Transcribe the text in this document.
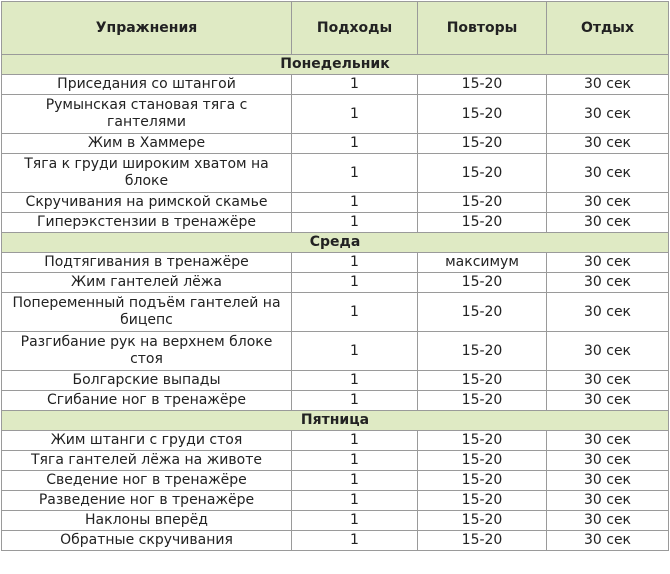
Упражнения	Подходы	Повторы	Отдых
Понедельник			
Приседания со штангой	1	15-20	30 сек
Румынская становая тяга с гантелями	1	15-20	30 сек
Жим в Хаммере	1	15-20	30 сек
Тяга к груди широким хватом на блоке	1	15-20	30 сек
Скручивания на римской скамье	1	15-20	30 сек
Гиперэкстензии в тренажёре	1	15-20	30 сек
Среда			
Подтягивания в тренажёре	1	максимум	30 сек
Жим гантелей лёжа	1	15-20	30 сек
Попеременный подъём гантелей на бицепс	1	15-20	30 сек
Разгибание рук на верхнем блоке стоя	1	15-20	30 сек
Болгарские выпады	1	15-20	30 сек
Сгибание ног в тренажёре	1	15-20	30 сек
Пятница			
Жим штанги с груди стоя	1	15-20	30 сек
Тяга гантелей лёжа на животе	1	15-20	30 сек
Сведение ног в тренажёре	1	15-20	30 сек
Разведение ног в тренажёре	1	15-20	30 сек
Наклоны вперёд	1	15-20	30 сек
Обратные скручивания	1	15-20	30 сек
